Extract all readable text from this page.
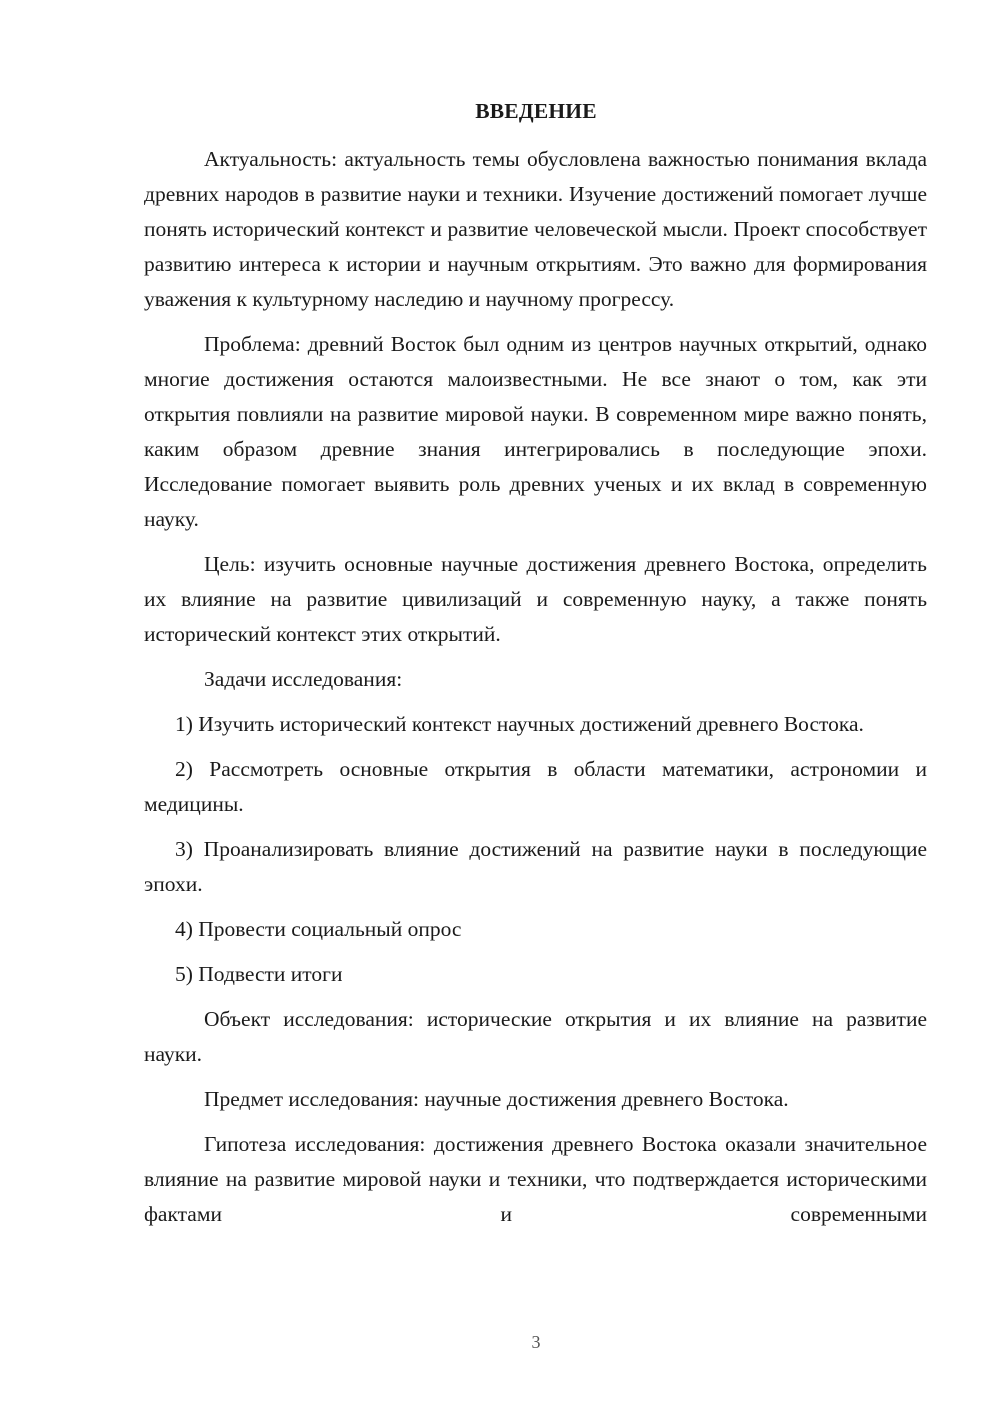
ВВЕДЕНИЕ

Актуальность: актуальность темы обусловлена важностью понимания вклада древних народов в развитие науки и техники. Изучение достижений помогает лучше понять исторический контекст и развитие человеческой мысли. Проект способствует развитию интереса к истории и научным открытиям. Это важно для формирования уважения к культурному наследию и научному прогрессу.

Проблема: древний Восток был одним из центров научных открытий, однако многие достижения остаются малоизвестными. Не все знают о том, как эти открытия повлияли на развитие мировой науки. В современном мире важно понять, каким образом древние знания интегрировались в последующие эпохи. Исследование помогает выявить роль древних ученых и их вклад в современную науку.

Цель: изучить основные научные достижения древнего Востока, определить их влияние на развитие цивилизаций и современную науку, а также понять исторический контекст этих открытий.

Задачи исследования:

1) Изучить исторический контекст научных достижений древнего Востока.

2) Рассмотреть основные открытия в области математики, астрономии и медицины.

3) Проанализировать влияние достижений на развитие науки в последующие эпохи.

4) Провести социальный опрос

5) Подвести итоги

Объект исследования: исторические открытия и их влияние на развитие науки.

Предмет исследования: научные достижения древнего Востока.

Гипотеза исследования: достижения древнего Востока оказали значительное влияние на развитие мировой науки и техники, что подтверждается историческими фактами и современными

3
